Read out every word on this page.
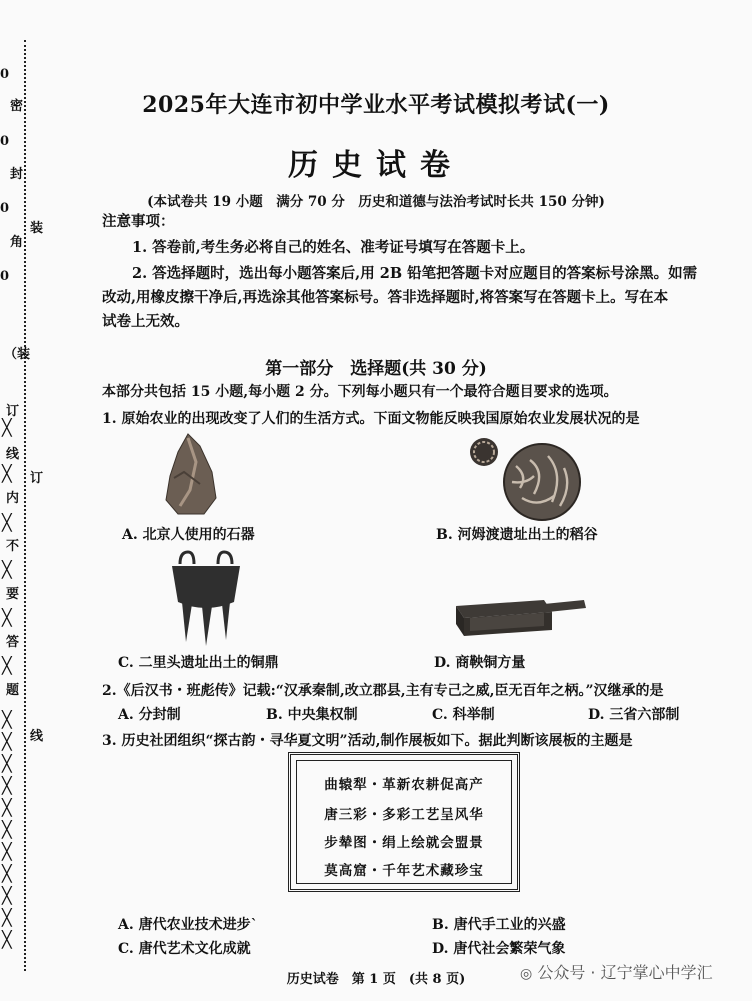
0
密
0
封
0
角
0
（装
订
线
内
不
要
答
题
装
订
线
╳
╳
╳
╳
╳
╳
╳
╳
╳
╳
╳
╳
╳
╳
╳
╳
╳
2025年大连市初中学业水平考试模拟考试(一)
历史试卷
(本试卷共 19 小题　满分 70 分　历史和道德与法治考试时长共 150 分钟)
注意事项：
1. 答卷前,考生务必将自己的姓名、准考证号填写在答题卡上。
2. 答选择题时，选出每小题答案后,用 2B 铅笔把答题卡对应题目的答案标号涂黑。如需
改动,用橡皮擦干净后,再选涂其他答案标号。答非选择题时,将答案写在答题卡上。写在本
试卷上无效。
第一部分　选择题(共 30 分)
本部分共包括 15 小题,每小题 2 分。下列每小题只有一个最符合题目要求的选项。
1. 原始农业的出现改变了人们的生活方式。下面文物能反映我国原始农业发展状况的是
A. 北京人使用的石器	B. 河姆渡遗址出土的稻谷
C. 二里头遗址出土的铜鼎	D. 商鞅铜方量
2.《后汉书・班彪传》记载:“汉承秦制,改立郡县,主有专己之威,臣无百年之柄。”汉继承的是
A. 分封制	B. 中央集权制	C. 科举制	D. 三省六部制
3. 历史社团组织“探古韵・寻华夏文明”活动,制作展板如下。据此判断该展板的主题是
曲辕犁・革新农耕促高产
唐三彩・多彩工艺呈风华
步辇图・绢上绘就会盟景
莫高窟・千年艺术藏珍宝
A. 唐代农业技术进步`	B. 唐代手工业的兴盛
C. 唐代艺术文化成就	D. 唐代社会繁荣气象
历史试卷　第 1 页　(共 8 页)	◎ 公众号 · 辽宁掌心中学汇
